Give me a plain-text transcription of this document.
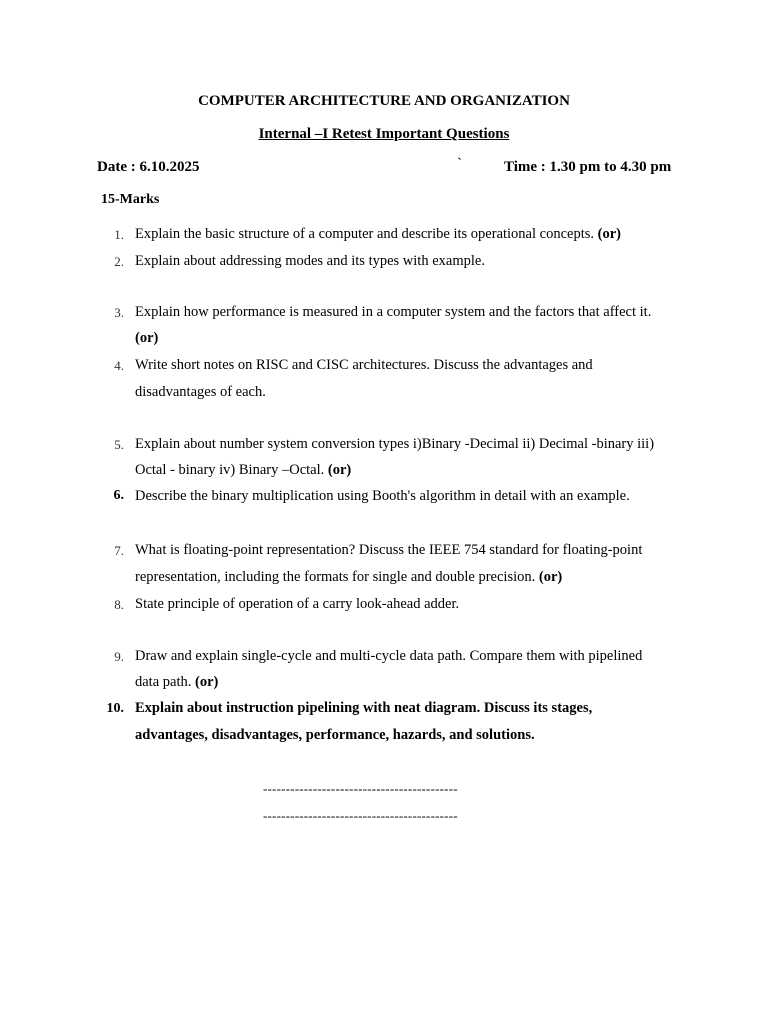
COMPUTER ARCHITECTURE AND ORGANIZATION
Internal –I Retest Important Questions
Date : 6.10.2025	`	Time : 1.30 pm to 4.30 pm
15-Marks
1. Explain the basic structure of a computer and describe its operational concepts. (or)
2. Explain about addressing modes and its types with example.
3. Explain how performance is measured in a computer system and the factors that affect it.
(or)
4. Write short notes on RISC and CISC architectures. Discuss the advantages and
disadvantages of each.
5. Explain about number system conversion types i)Binary -Decimal ii) Decimal -binary iii)
Octal - binary iv) Binary –Octal. (or)
6. Describe the binary multiplication using Booth's algorithm in detail with an example.
7. What is floating-point representation? Discuss the IEEE 754 standard for floating-point
representation, including the formats for single and double precision. (or)
8. State principle of operation of a carry look-ahead adder.
9. Draw and explain single-cycle and multi-cycle data path. Compare them with pipelined
data path. (or)
10. Explain about instruction pipelining with neat diagram. Discuss its stages,
advantages, disadvantages, performance, hazards, and solutions.
-------------------------------------------
-------------------------------------------
